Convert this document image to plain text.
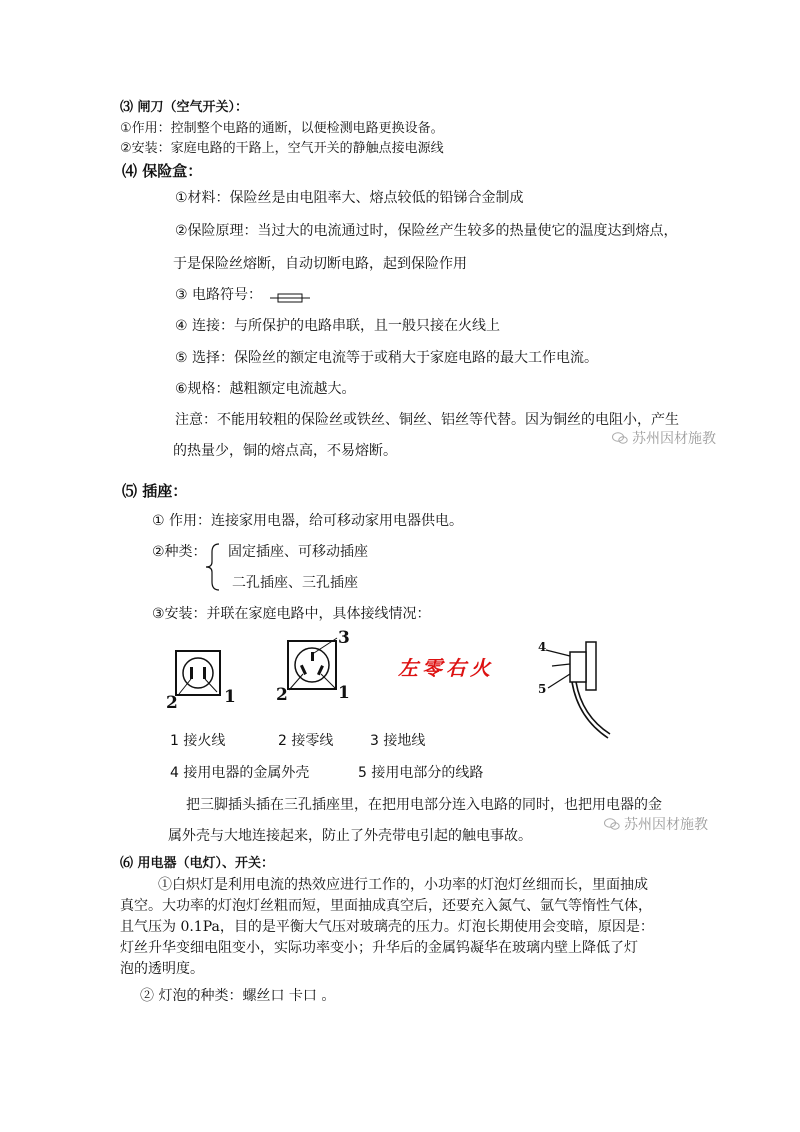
⑶ 闸刀（空气开关）：
①作用：控制整个电路的通断，以便检测电路更换设备。
②安装：家庭电路的干路上，空气开关的静触点接电源线
⑷ 保险盒：
①材料：保险丝是由电阻率大、熔点较低的铅锑合金制成
②保险原理：当过大的电流通过时，保险丝产生较多的热量使它的温度达到熔点，
于是保险丝熔断，自动切断电路，起到保险作用
③ 电路符号：
④ 连接：与所保护的电路串联，且一般只接在火线上
⑤ 选择：保险丝的额定电流等于或稍大于家庭电路的最大工作电流。
⑥规格：越粗额定电流越大。
注意：不能用较粗的保险丝或铁丝、铜丝、铝丝等代替。因为铜丝的电阻小，产生
的热量少，铜的熔点高，不易熔断。
苏州因材施教
⑸ 插座：
① 作用：连接家用电器，给可移动家用电器供电。
②种类： 固定插座、可移动插座
二孔插座、三孔插座
③安装：并联在家庭电路中，具体接线情况：
2	1
3
2	1
左零右火
4
5
1 接火线	2 接零线	3 接地线
4 接用电器的金属外壳	5 接用电部分的线路
把三脚插头插在三孔插座里，在把用电部分连入电路的同时，也把用电器的金
属外壳与大地连接起来，防止了外壳带电引起的触电事故。
苏州因材施教
⑹ 用电器（电灯）、开关：
①白炽灯是利用电流的热效应进行工作的，小功率的灯泡灯丝细而长，里面抽成
真空。大功率的灯泡灯丝粗而短，里面抽成真空后，还要充入氮气、氩气等惰性气体，
且气压为 0.1Pa，目的是平衡大气压对玻璃壳的压力。灯泡长期使用会变暗，原因是：
灯丝升华变细电阻变小，实际功率变小；升华后的金属钨凝华在玻璃内壁上降低了灯
泡的透明度。
② 灯泡的种类：螺丝口 卡口 。
